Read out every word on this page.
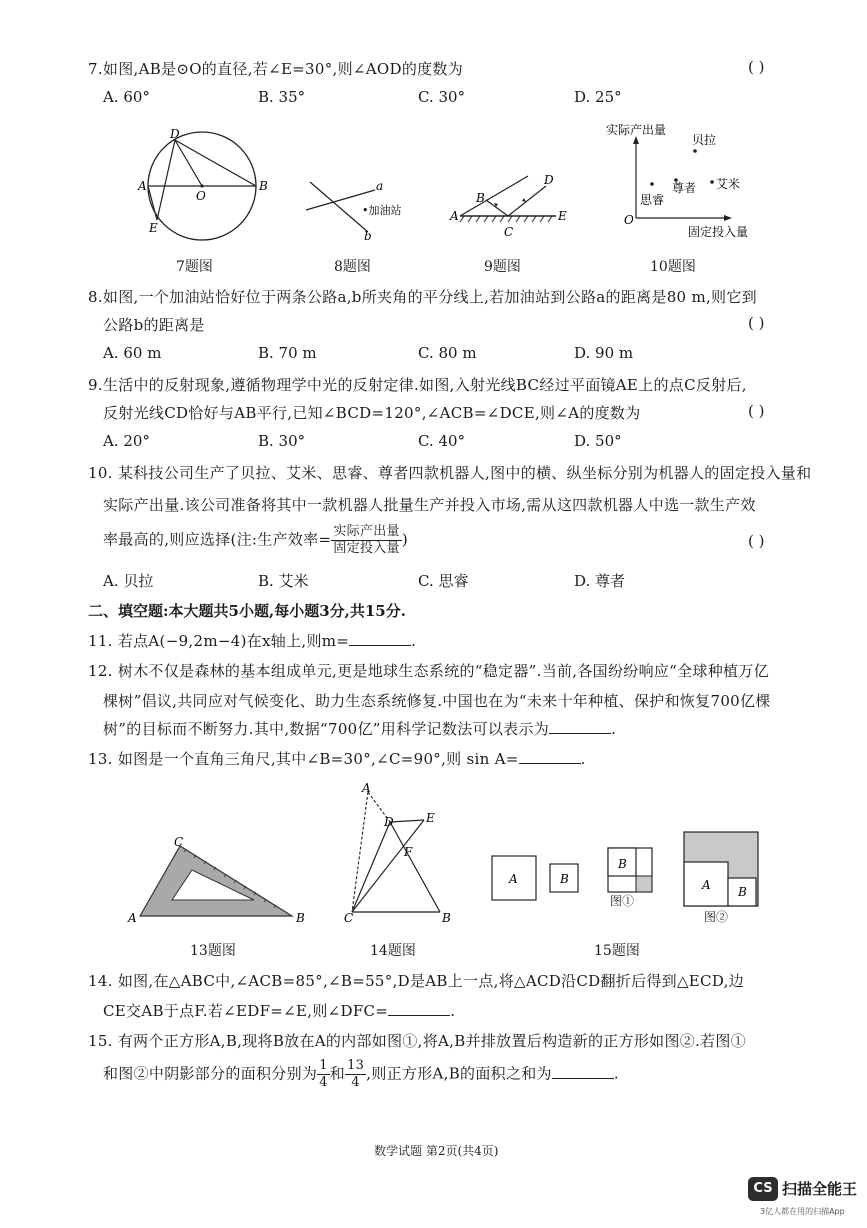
7.如图,AB是⊙O的直径,若∠E=30°,则∠AOD的度数为	( )
A. 60°	B. 35°	C. 30°	D. 25°
D
A	B
O
E
7题图
a
b
•加油站
8题图
B
A
C
D
E
9题图
实际产出量
固定投入量
O
贝拉
尊者 艾米
思睿
10题图
8.如图,一个加油站恰好位于两条公路a,b所夹角的平分线上,若加油站到公路a的距离是80 m,则它到
公路b的距离是	( )
A. 60 m	B. 70 m	C. 80 m	D. 90 m
9.生活中的反射现象,遵循物理学中光的反射定律.如图,入射光线BC经过平面镜AE上的点C反射后,
反射光线CD恰好与AB平行,已知∠BCD=120°,∠ACB=∠DCE,则∠A的度数为	( )
A. 20°	B. 30°	C. 40°	D. 50°
10. 某科技公司生产了贝拉、艾米、思睿、尊者四款机器人,图中的横、纵坐标分别为机器人的固定投入量和
实际产出量.该公司准备将其中一款机器人批量生产并投入市场,需从这四款机器人中选一款生产效
率最高的,则应选择(注:生产效率= $\frac{\text{实际产出量}}{\text{固定投入量}}$ )	( )
A. 贝拉	B. 艾米	C. 思睿	D. 尊者
二、填空题:本大题共5小题,每小题3分,共15分.
11. 若点A(−9,2m−4)在x轴上,则m=	.
12. 树木不仅是森林的基本组成单元,更是地球生态系统的“稳定器”.当前,各国纷纷响应“全球种植万亿
棵树”倡议,共同应对气候变化、助力生态系统修复.中国也在为“未来十年种植、保护和恢复700亿棵
树”的目标而不断努力.其中,数据“700亿”用科学记数法可以表示为	.
13. 如图是一个直角三角尺,其中∠B=30°,∠C=90°,则 sin A=	.
C
A	B
13题图
A
D	E
F
C	B
14题图
A	B
B
A B
图①
图②
15题图
14. 如图,在△ABC中,∠ACB=85°,∠B=55°,D是AB上一点,将△ACD沿CD翻折后得到△ECD,边
CE交AB于点F.若∠EDF=∠E,则∠DFC=	.
15. 有两个正方形A,B,现将B放在A的内部如图①,将A,B并排放置后构造新的正方形如图②.若图①
和图②中阴影部分的面积分别为 $\frac{1}{4}$ 和 $\frac{13}{4}$ ,则正方形A,B的面积之和为	.
数学试题 第2页(共4页)
CS 扫描全能王
3亿人都在用的扫描App
